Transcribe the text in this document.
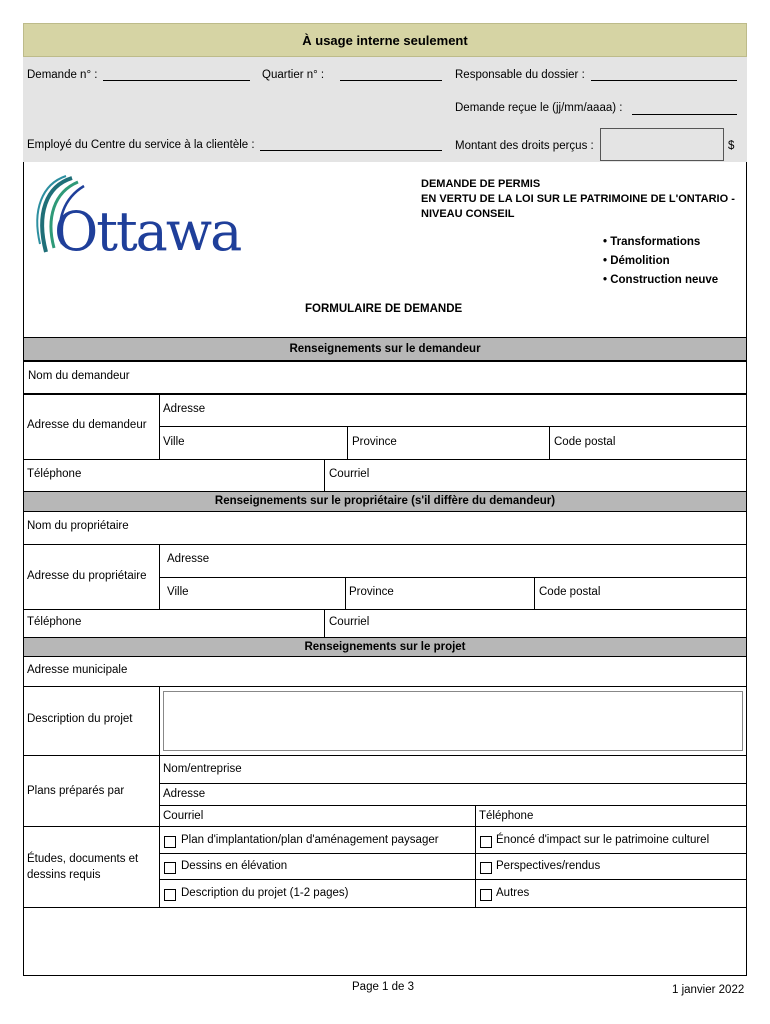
À usage interne seulement
Demande n° :	Quartier n° :	Responsable du dossier :
Demande reçue le (jj/mm/aaaa) :
Employé du Centre du service à la clientèle :	Montant des droits perçus :	$
Ottawa
DEMANDE DE PERMIS
EN VERTU DE LA LOI SUR LE PATRIMOINE DE L'ONTARIO -
NIVEAU CONSEIL
• Transformations
• Démolition
• Construction neuve
FORMULAIRE DE DEMANDE
Renseignements sur le demandeur
Nom du demandeur
Adresse du demandeur
Adresse
Ville	Province	Code postal
Téléphone	Courriel
Renseignements sur le propriétaire (s'il diffère du demandeur)
Nom du propriétaire
Adresse du propriétaire
Adresse
Ville	Province	Code postal
Téléphone	Courriel
Renseignements sur le projet
Adresse municipale
Description du projet
Plans préparés par
Nom/entreprise
Adresse
Courriel	Téléphone
Études, documents et
dessins requis
Plan d'implantation/plan d'aménagement paysager	Énoncé d'impact sur le patrimoine culturel
Dessins en élévation	Perspectives/rendus
Description du projet (1-2 pages)	Autres
Page 1 de 3	1 janvier 2022
